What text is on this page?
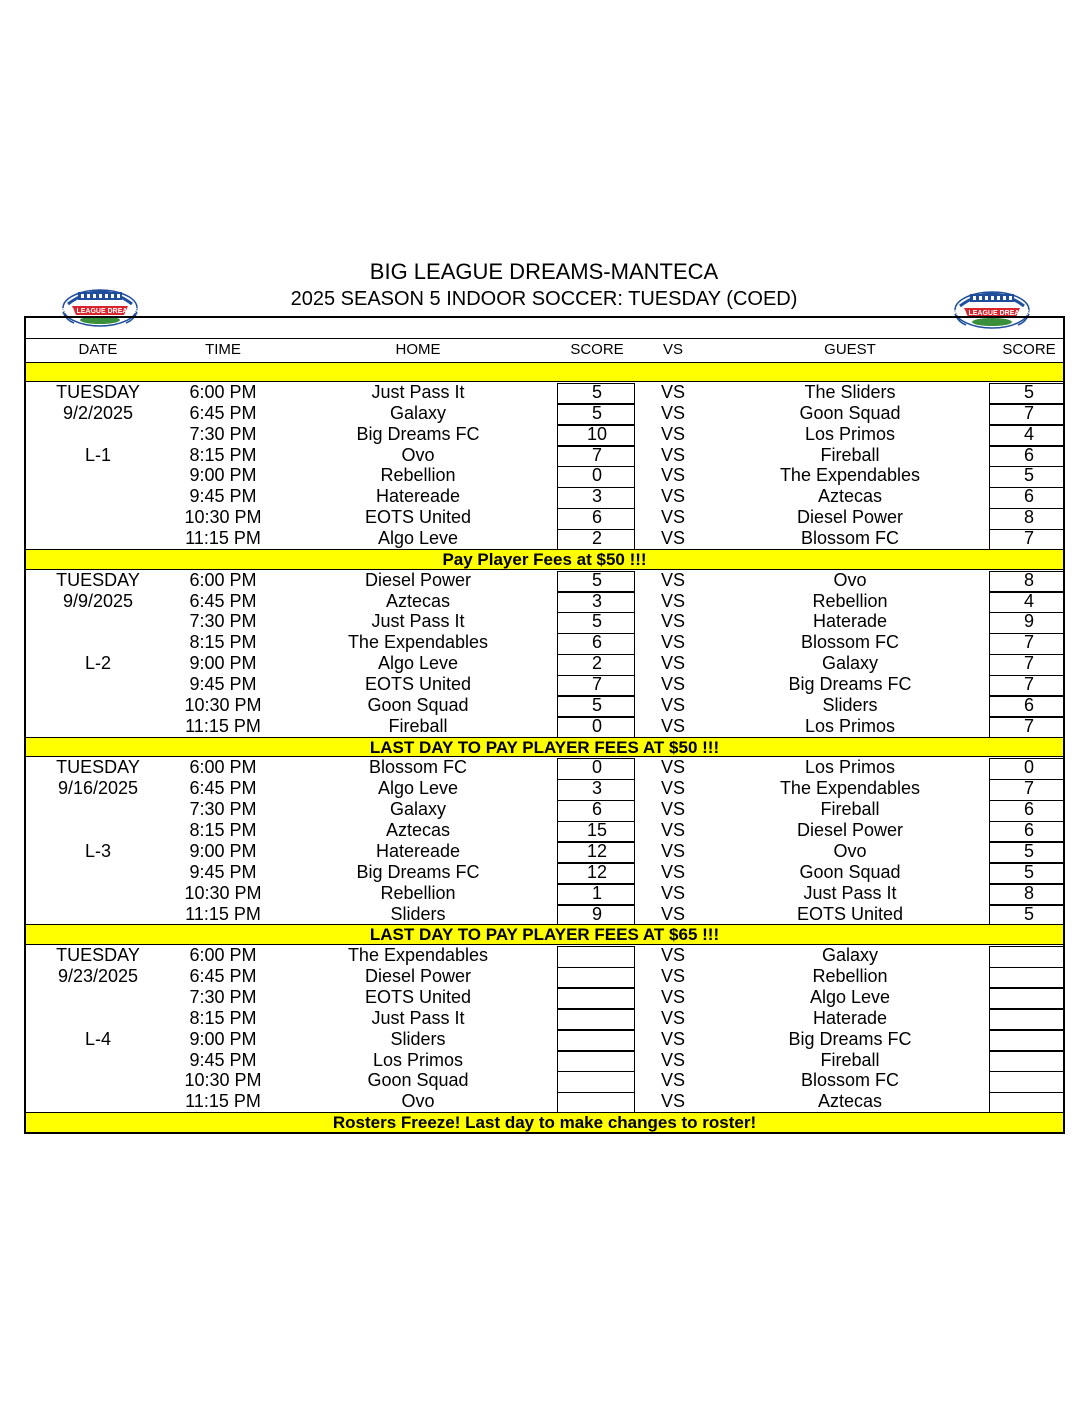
BIG LEAGUE DREAMS-MANTECA
2025 SEASON 5 INDOOR SOCCER: TUESDAY (COED)
BIG LEAGUE DREAMS	BIG LEAGUE DREAMS
DATE	TIME	HOME	SCORE	VS	GUEST	SCORE
TUESDAY	6:00 PM	Just Pass It	5	VS	The Sliders	5
9/2/2025	6:45 PM	Galaxy	5	VS	Goon Squad	7
7:30 PM	Big Dreams FC	10	VS	Los Primos	4
L-1	8:15 PM	Ovo	7	VS	Fireball	6
9:00 PM	Rebellion	0	VS	The Expendables	5
9:45 PM	Hatereade	3	VS	Aztecas	6
10:30 PM	EOTS United	6	VS	Diesel Power	8
11:15 PM	Algo Leve	2	VS	Blossom FC	7
Pay Player Fees at $50 !!!
TUESDAY	6:00 PM	Diesel Power	5	VS	Ovo	8
9/9/2025	6:45 PM	Aztecas	3	VS	Rebellion	4
7:30 PM	Just Pass It	5	VS	Haterade	9
8:15 PM	The Expendables	6	VS	Blossom FC	7
L-2	9:00 PM	Algo Leve	2	VS	Galaxy	7
9:45 PM	EOTS United	7	VS	Big Dreams FC	7
10:30 PM	Goon Squad	5	VS	Sliders	6
11:15 PM	Fireball	0	VS	Los Primos	7
LAST DAY TO PAY PLAYER FEES AT $50 !!!
TUESDAY	6:00 PM	Blossom FC	0	VS	Los Primos	0
9/16/2025	6:45 PM	Algo Leve	3	VS	The Expendables	7
7:30 PM	Galaxy	6	VS	Fireball	6
8:15 PM	Aztecas	15	VS	Diesel Power	6
L-3	9:00 PM	Hatereade	12	VS	Ovo	5
9:45 PM	Big Dreams FC	12	VS	Goon Squad	5
10:30 PM	Rebellion	1	VS	Just Pass It	8
11:15 PM	Sliders	9	VS	EOTS United	5
LAST DAY TO PAY PLAYER FEES AT $65 !!!
TUESDAY	6:00 PM	The Expendables	VS	Galaxy
9/23/2025	6:45 PM	Diesel Power	VS	Rebellion
7:30 PM	EOTS United	VS	Algo Leve
8:15 PM	Just Pass It	VS	Haterade
L-4	9:00 PM	Sliders	VS	Big Dreams FC
9:45 PM	Los Primos	VS	Fireball
10:30 PM	Goon Squad	VS	Blossom FC
11:15 PM	Ovo	VS	Aztecas
Rosters Freeze! Last day to make changes to roster!
